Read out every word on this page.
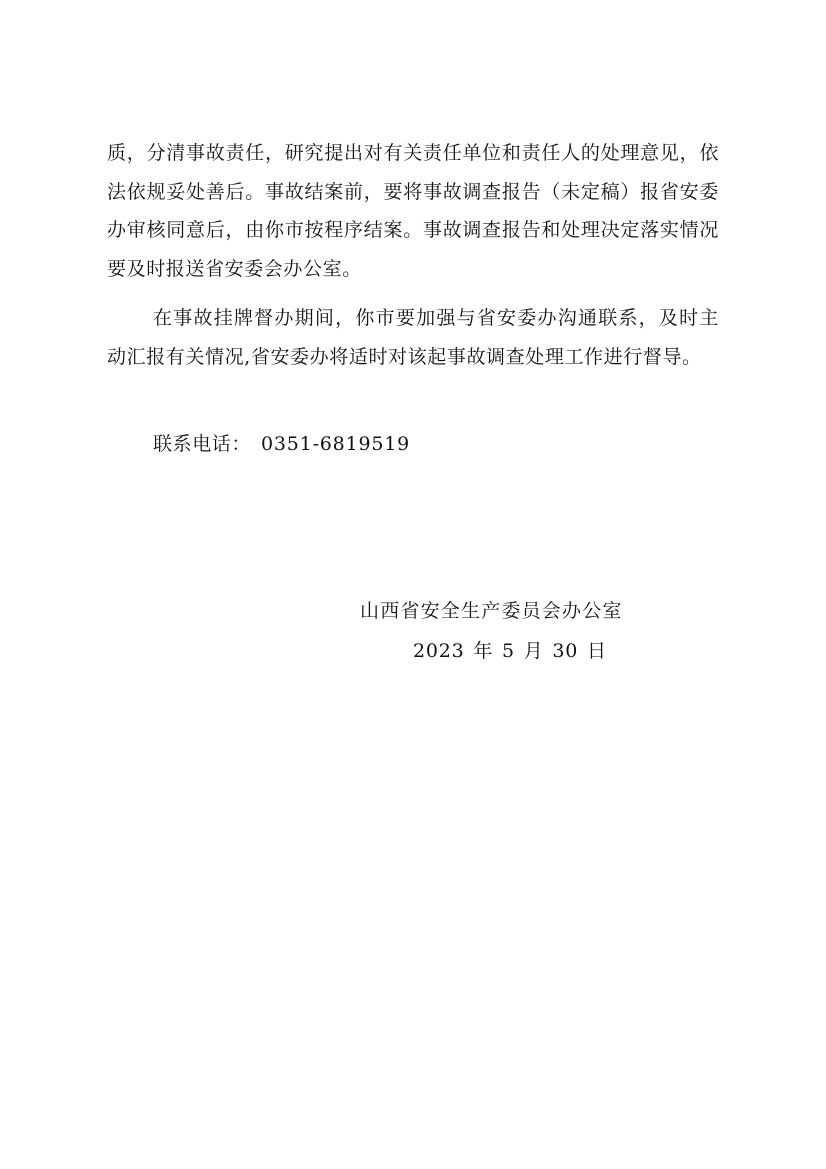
质，分清事故责任，研究提出对有关责任单位和责任人的处理意见，依法依规妥处善后。事故结案前，要将事故调查报告（未定稿）报省安委办审核同意后，由你市按程序结案。事故调查报告和处理决定落实情况要及时报送省安委会办公室。

在事故挂牌督办期间，你市要加强与省安委办沟通联系，及时主动汇报有关情况,省安委办将适时对该起事故调查处理工作进行督导。

联系电话： 0351-6819519
山西省安全生产委员会办公室
2023 年 5 月 30 日
